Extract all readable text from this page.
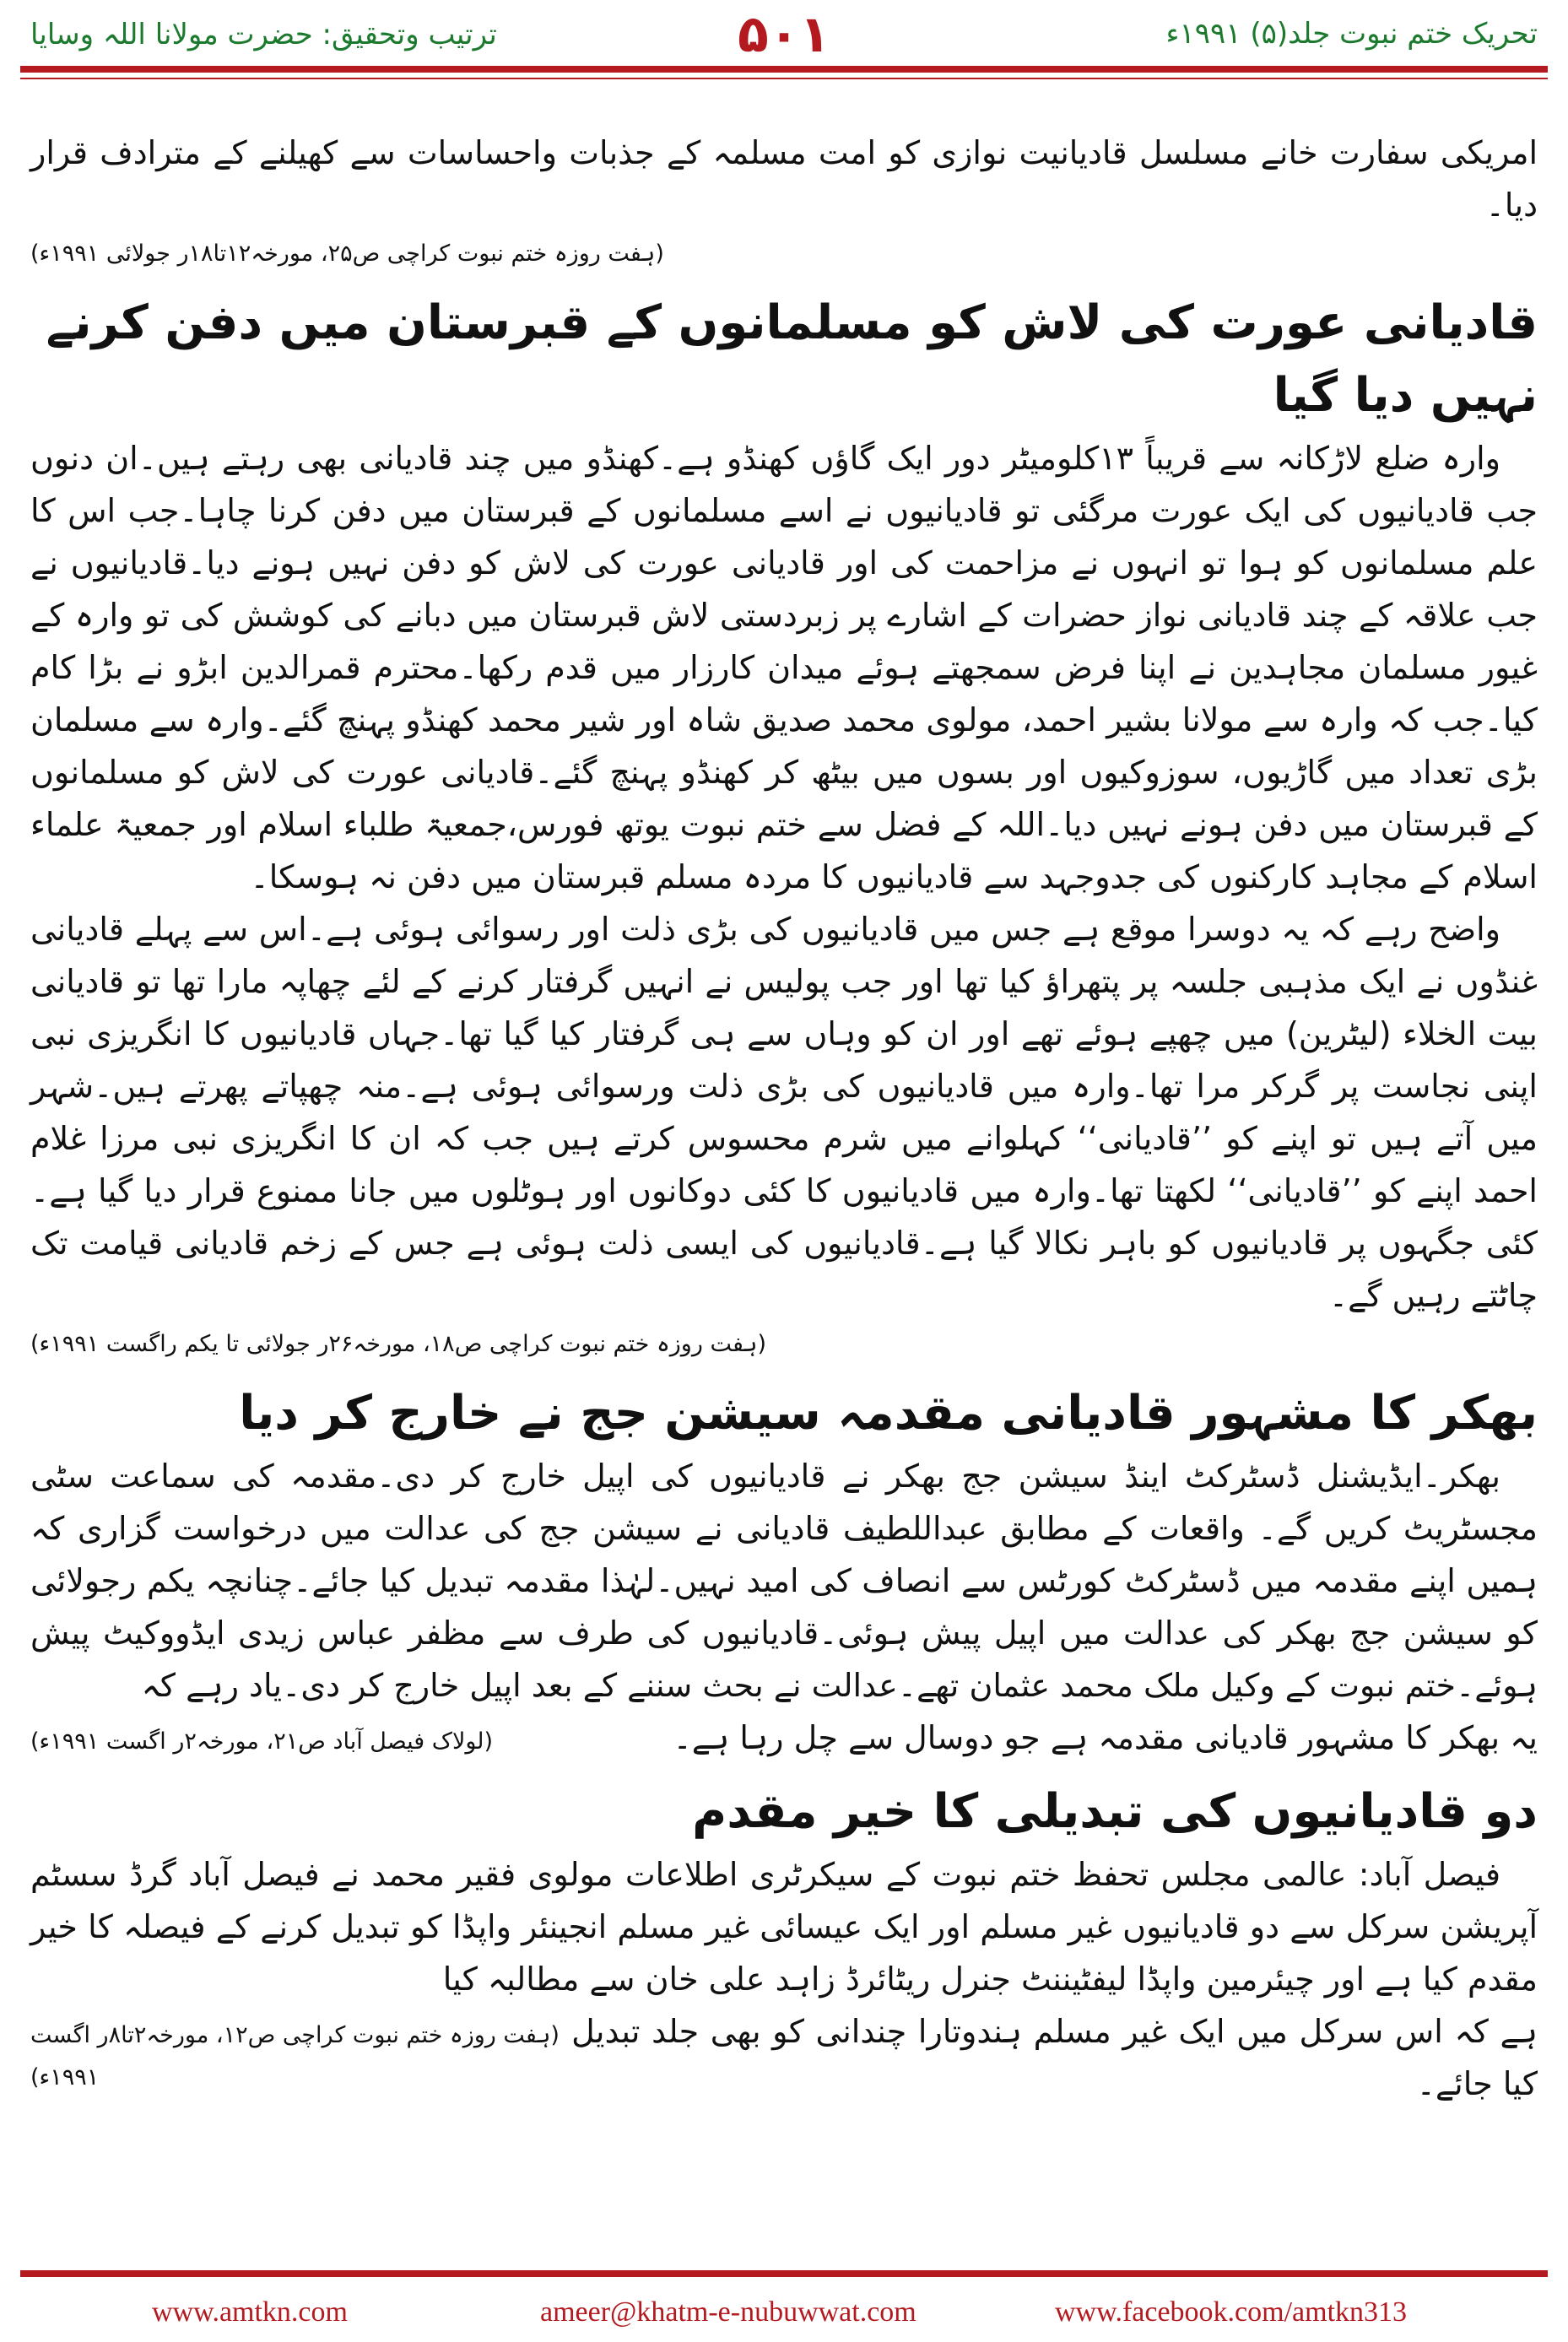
تحریک ختم نبوت جلد(۵) ۱۹۹۱ء
۵۰۱
ترتیب وتحقیق: حضرت مولانا اللہ وسایا

امریکی سفارت خانے مسلسل قادیانیت نوازی کو امت مسلمہ کے جذبات واحساسات سے کھیلنے کے مترادف قرار دیا۔

(ہفت روزہ ختم نبوت کراچی ص۲۵، مورخہ۱۲تا۱۸ر جولائی ۱۹۹۱ء)
قادیانی عورت کی لاش کو مسلمانوں کے قبرستان میں دفن کرنے نہیں دیا گیا

وارہ ضلع لاڑکانہ سے قریباً ۱۳کلومیٹر دور ایک گاؤں کھنڈو ہے۔کھنڈو میں چند قادیانی بھی رہتے ہیں۔ان دنوں جب قادیانیوں کی ایک عورت مرگئی تو قادیانیوں نے اسے مسلمانوں کے قبرستان میں دفن کرنا چاہا۔جب اس کا علم مسلمانوں کو ہوا تو انہوں نے مزاحمت کی اور قادیانی عورت کی لاش کو دفن نہیں ہونے دیا۔قادیانیوں نے جب علاقہ کے چند قادیانی نواز حضرات کے اشارے پر زبردستی لاش قبرستان میں دبانے کی کوشش کی تو وارہ کے غیور مسلمان مجاہدین نے اپنا فرض سمجھتے ہوئے میدان کارزار میں قدم رکھا۔محترم قمرالدین ابڑو نے بڑا کام کیا۔جب کہ وارہ سے مولانا بشیر احمد، مولوی محمد صدیق شاہ اور شیر محمد کھنڈو پہنچ گئے۔وارہ سے مسلمان بڑی تعداد میں گاڑیوں، سوزوکیوں اور بسوں میں بیٹھ کر کھنڈو پہنچ گئے۔قادیانی عورت کی لاش کو مسلمانوں کے قبرستان میں دفن ہونے نہیں دیا۔اللہ کے فضل سے ختم نبوت یوتھ فورس،جمعیۃ طلباء اسلام اور جمعیۃ علماء اسلام کے مجاہد کارکنوں کی جدوجہد سے قادیانیوں کا مردہ مسلم قبرستان میں دفن نہ ہوسکا۔

واضح رہے کہ یہ دوسرا موقع ہے جس میں قادیانیوں کی بڑی ذلت اور رسوائی ہوئی ہے۔اس سے پہلے قادیانی غنڈوں نے ایک مذہبی جلسہ پر پتھراؤ کیا تھا اور جب پولیس نے انہیں گرفتار کرنے کے لئے چھاپہ مارا تھا تو قادیانی بیت الخلاء (لیٹرین) میں چھپے ہوئے تھے اور ان کو وہاں سے ہی گرفتار کیا گیا تھا۔جہاں قادیانیوں کا انگریزی نبی اپنی نجاست پر گرکر مرا تھا۔وارہ میں قادیانیوں کی بڑی ذلت ورسوائی ہوئی ہے۔منہ چھپاتے پھرتے ہیں۔شہر میں آتے ہیں تو اپنے کو ’’قادیانی‘‘ کہلوانے میں شرم محسوس کرتے ہیں جب کہ ان کا انگریزی نبی مرزا غلام احمد اپنے کو ’’قادیانی‘‘ لکھتا تھا۔وارہ میں قادیانیوں کا کئی دوکانوں اور ہوٹلوں میں جانا ممنوع قرار دیا گیا ہے۔کئی جگہوں پر قادیانیوں کو باہر نکالا گیا ہے۔قادیانیوں کی ایسی ذلت ہوئی ہے جس کے زخم قادیانی قیامت تک چاٹتے رہیں گے۔

(ہفت روزہ ختم نبوت کراچی ص۱۸، مورخہ۲۶ر جولائی تا یکم راگست ۱۹۹۱ء)
بھکر کا مشہور قادیانی مقدمہ سیشن جج نے خارج کر دیا

بھکر۔ایڈیشنل ڈسٹرکٹ اینڈ سیشن جج بھکر نے قادیانیوں کی اپیل خارج کر دی۔مقدمہ کی سماعت سٹی مجسٹریٹ کریں گے۔ واقعات کے مطابق عبداللطیف قادیانی نے سیشن جج کی عدالت میں درخواست گزاری کہ ہمیں اپنے مقدمہ میں ڈسٹرکٹ کورٹس سے انصاف کی امید نہیں۔لہٰذا مقدمہ تبدیل کیا جائے۔چنانچہ یکم رجولائی کو سیشن جج بھکر کی عدالت میں اپیل پیش ہوئی۔قادیانیوں کی طرف سے مظفر عباس زیدی ایڈووکیٹ پیش ہوئے۔ختم نبوت کے وکیل ملک محمد عثمان تھے۔عدالت نے بحث سننے کے بعد اپیل خارج کر دی۔یاد رہے کہ

یہ بھکر کا مشہور قادیانی مقدمہ ہے جو دوسال سے چل رہا ہے۔
(لولاک فیصل آباد ص۲۱، مورخہ۲ر اگست ۱۹۹۱ء)
دو قادیانیوں کی تبدیلی کا خیر مقدم

فیصل آباد: عالمی مجلس تحفظ ختم نبوت کے سیکرٹری اطلاعات مولوی فقیر محمد نے فیصل آباد گرڈ سسٹم آپریشن سرکل سے دو قادیانیوں غیر مسلم اور ایک عیسائی غیر مسلم انجینئر واپڈا کو تبدیل کرنے کے فیصلہ کا خیر مقدم کیا ہے اور چیئرمین واپڈا لیفٹیننٹ جنرل ریٹائرڈ زاہد علی خان سے مطالبہ کیا

ہے کہ اس سرکل میں ایک غیر مسلم ہندوتارا چندانی کو بھی جلد تبدیل کیا جائے۔
(ہفت روزہ ختم نبوت کراچی ص۱۲، مورخہ۲تا۸ر اگست ۱۹۹۱ء)
www.amtkn.com	ameer@khatm-e-nubuwwat.com	www.facebook.com/amtkn313
